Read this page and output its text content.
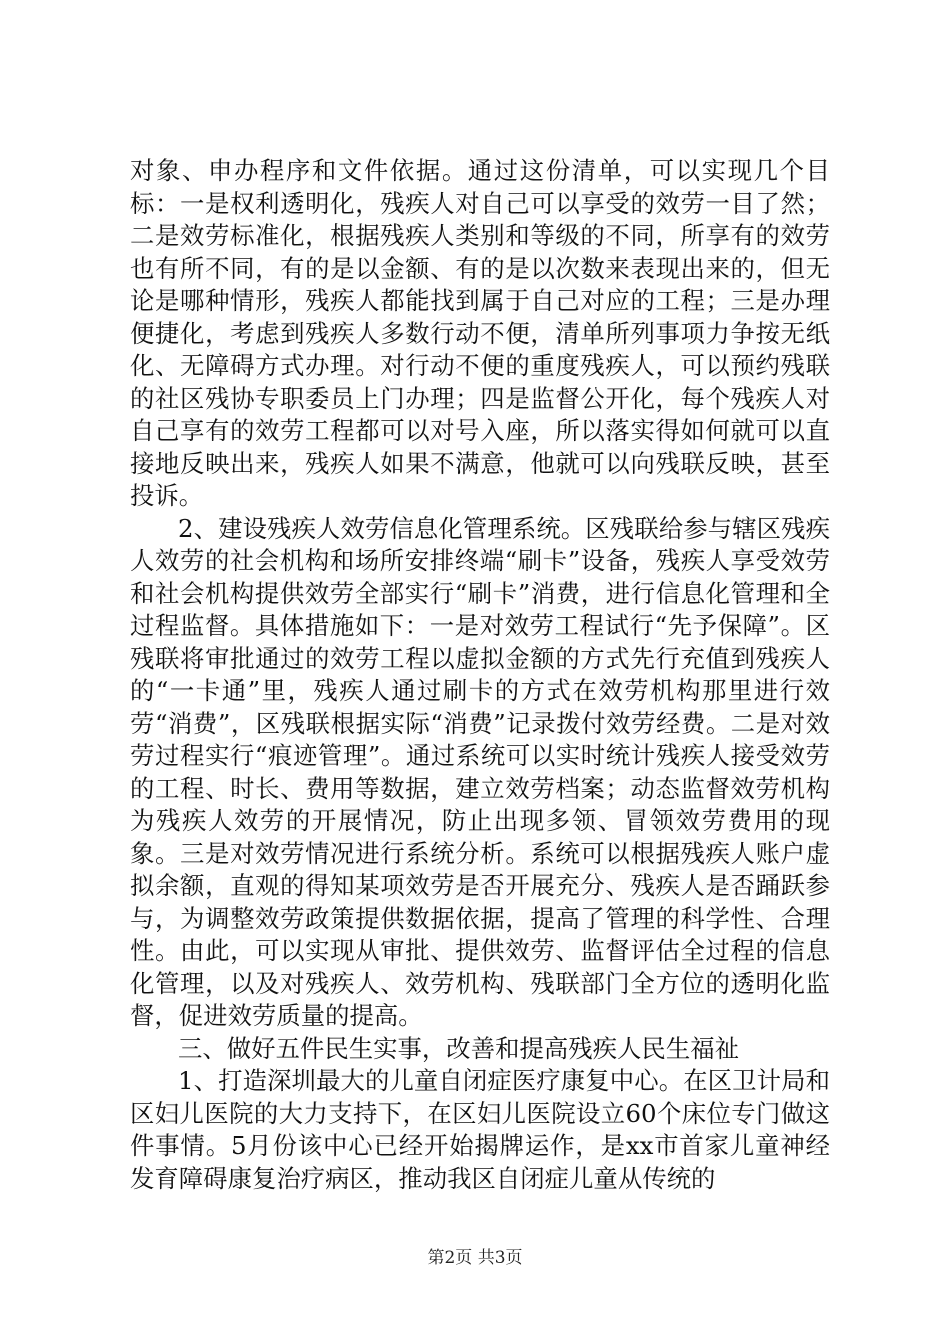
对象、申办程序和文件依据。通过这份清单，可以实现几个目标：一是权利透明化，残疾人对自己可以享受的效劳一目了然；二是效劳标准化，根据残疾人类别和等级的不同，所享有的效劳也有所不同，有的是以金额、有的是以次数来表现出来的，但无论是哪种情形，残疾人都能找到属于自己对应的工程；三是办理便捷化，考虑到残疾人多数行动不便，清单所列事项力争按无纸化、无障碍方式办理。对行动不便的重度残疾人，可以预约残联的社区残协专职委员上门办理；四是监督公开化，每个残疾人对自己享有的效劳工程都可以对号入座，所以落实得如何就可以直接地反映出来，残疾人如果不满意，他就可以向残联反映，甚至投诉。

2、建设残疾人效劳信息化管理系统。区残联给参与辖区残疾人效劳的社会机构和场所安排终端“刷卡”设备，残疾人享受效劳和社会机构提供效劳全部实行“刷卡”消费，进行信息化管理和全过程监督。具体措施如下：一是对效劳工程试行“先予保障”。区残联将审批通过的效劳工程以虚拟金额的方式先行充值到残疾人的“一卡通”里，残疾人通过刷卡的方式在效劳机构那里进行效劳“消费”，区残联根据实际“消费”记录拨付效劳经费。二是对效劳过程实行“痕迹管理”。通过系统可以实时统计残疾人接受效劳的工程、时长、费用等数据，建立效劳档案；动态监督效劳机构为残疾人效劳的开展情况，防止出现多领、冒领效劳费用的现象。三是对效劳情况进行系统分析。系统可以根据残疾人账户虚拟余额，直观的得知某项效劳是否开展充分、残疾人是否踊跃参与，为调整效劳政策提供数据依据，提高了管理的科学性、合理性。由此，可以实现从审批、提供效劳、监督评估全过程的信息化管理，以及对残疾人、效劳机构、残联部门全方位的透明化监督，促进效劳质量的提高。

三、做好五件民生实事，改善和提高残疾人民生福祉

1、打造深圳最大的儿童自闭症医疗康复中心。在区卫计局和区妇儿医院的大力支持下，在区妇儿医院设立60个床位专门做这件事情。5月份该中心已经开始揭牌运作，是xx市首家儿童神经发育障碍康复治疗病区，推动我区自闭症儿童从传统的

第2页 共3页
